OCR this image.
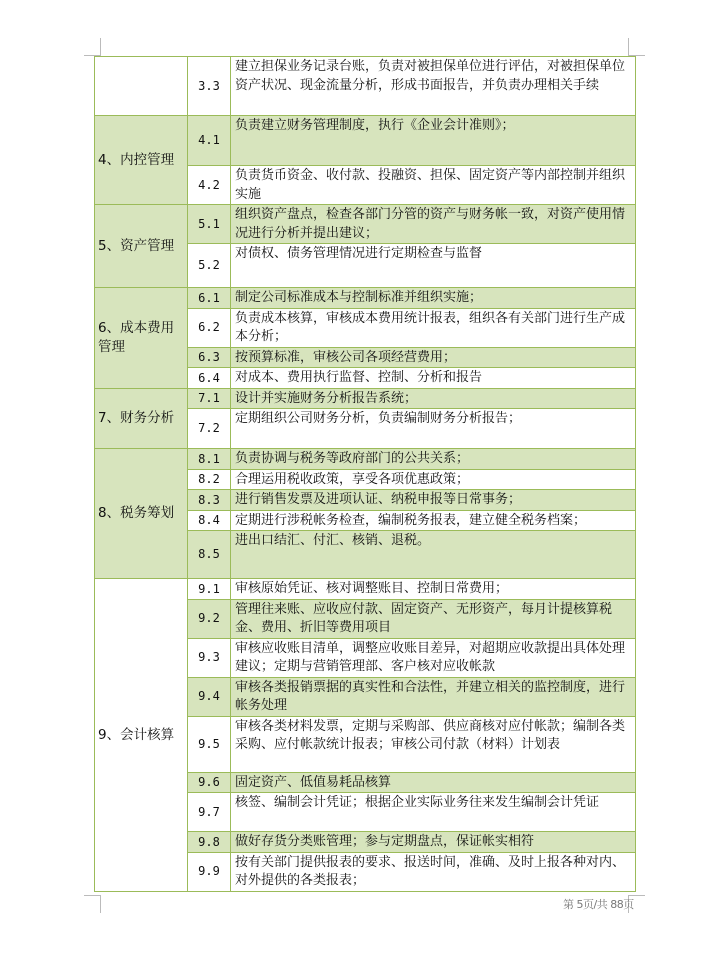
	3.3	建立担保业务记录台账，负责对被担保单位进行评估，对被担保单位资产状况、现金流量分析，形成书面报告，并负责办理相关手续
4、内控管理	4.1	负责建立财务管理制度，执行《企业会计准则》；
	4.2	负责货币资金、收付款、投融资、担保、固定资产等内部控制并组织实施
5、资产管理	5.1	组织资产盘点，检查各部门分管的资产与财务帐一致，对资产使用情况进行分析并提出建议；
	5.2	对债权、债务管理情况进行定期检查与监督
6、成本费用管理	6.1	制定公司标准成本与控制标准并组织实施；
	6.2	负责成本核算，审核成本费用统计报表，组织各有关部门进行生产成本分析；
	6.3	按预算标准，审核公司各项经营费用；
	6.4	对成本、费用执行监督、控制、分析和报告
7、财务分析	7.1	设计并实施财务分析报告系统；
	7.2	定期组织公司财务分析，负责编制财务分析报告；
8、税务筹划	8.1	负责协调与税务等政府部门的公共关系；
	8.2	合理运用税收政策，享受各项优惠政策；
	8.3	进行销售发票及进项认证、纳税申报等日常事务；
	8.4	定期进行涉税帐务检查，编制税务报表，建立健全税务档案；
	8.5	进出口结汇、付汇、核销、退税。
9、会计核算	9.1	审核原始凭证、核对调整账目、控制日常费用；
	9.2	管理往来账、应收应付款、固定资产、无形资产，每月计提核算税金、费用、折旧等费用项目
	9.3	审核应收账目清单，调整应收账目差异，对超期应收款提出具体处理建议；定期与营销管理部、客户核对应收帐款
	9.4	审核各类报销票据的真实性和合法性，并建立相关的监控制度，进行帐务处理
	9.5	审核各类材料发票，定期与采购部、供应商核对应付帐款；编制各类采购、应付帐款统计报表；审核公司付款（材料）计划表
	9.6	固定资产、低值易耗品核算
	9.7	核签、编制会计凭证；根据企业实际业务往来发生编制会计凭证
	9.8	做好存货分类账管理；参与定期盘点，保证帐实相符
	9.9	按有关部门提供报表的要求、报送时间，准确、及时上报各种对内、对外提供的各类报表；
第 5页/共 88页
